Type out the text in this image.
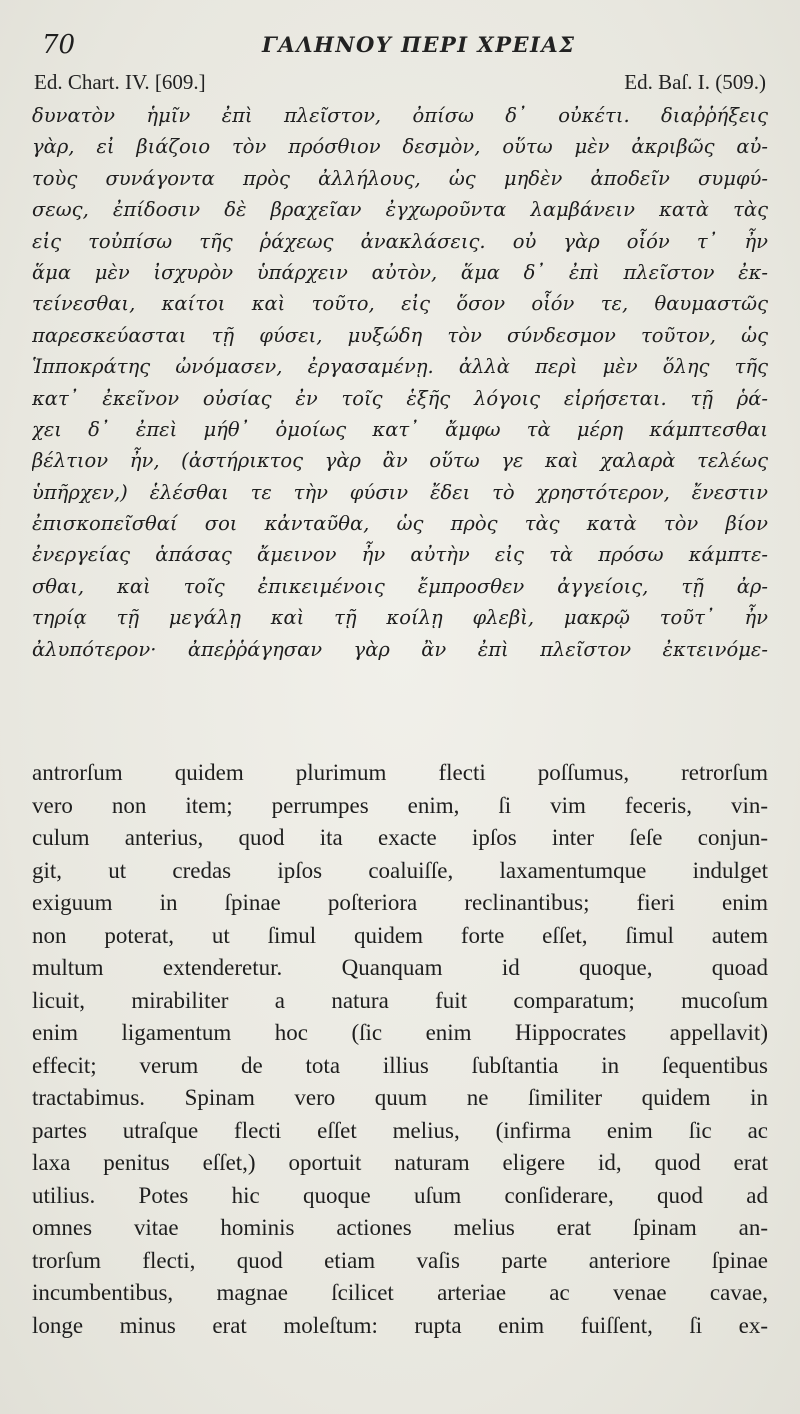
70	ΓΑΛΗΝΟΥ ΠΕΡΙ ΧΡΕΙΑΣ
Ed. Chart. IV. [609.]	Ed. Baſ. I. (509.)
δυνατὸν ἡμῖν ἐπὶ πλεῖστον, ὀπίσω δ᾽ οὐκέτι. διαῤῥήξεις
γὰρ, εἰ βιάζοιο τὸν πρόσθιον δεσμὸν, οὕτω μὲν ἀκριβῶς αὐ-
τοὺς συνάγοντα πρὸς ἀλλήλους, ὡς μηδὲν ἀποδεῖν συμφύ-
σεως, ἐπίδοσιν δὲ βραχεῖαν ἐγχωροῦντα λαμβάνειν κατὰ τὰς
εἰς τοὐπίσω τῆς ῥάχεως ἀνακλάσεις. οὐ γὰρ οἷόν τ᾽ ἦν
ἅμα μὲν ἰσχυρὸν ὑπάρχειν αὐτὸν, ἅμα δ᾽ ἐπὶ πλεῖστον ἐκ-
τείνεσθαι, καίτοι καὶ τοῦτο, εἰς ὅσον οἷόν τε, θαυμαστῶς
παρεσκεύασται τῇ φύσει, μυξώδη τὸν σύνδεσμον τοῦτον, ὡς
Ἱπποκράτης ὠνόμασεν, ἐργασαμένῃ. ἀλλὰ περὶ μὲν ὅλης τῆς
κατ᾽ ἐκεῖνον οὐσίας ἐν τοῖς ἑξῆς λόγοις εἰρήσεται. τῇ ῥά-
χει δ᾽ ἐπεὶ μήθ᾽ ὁμοίως κατ᾽ ἄμφω τὰ μέρη κάμπτεσθαι
βέλτιον ἦν, (ἀστήρικτος γὰρ ἂν οὕτω γε καὶ χαλαρὰ τελέως
ὑπῆρχεν,) ἑλέσθαι τε τὴν φύσιν ἔδει τὸ χρηστότερον, ἔνεστιν
ἐπισκοπεῖσθαί σοι κἀνταῦθα, ὡς πρὸς τὰς κατὰ τὸν βίον
ἐνεργείας ἁπάσας ἄμεινον ἦν αὐτὴν εἰς τὰ πρόσω κάμπτε-
σθαι, καὶ τοῖς ἐπικειμένοις ἔμπροσθεν ἀγγείοις, τῇ ἀρ-
τηρίᾳ τῇ μεγάλῃ καὶ τῇ κοίλῃ φλεβὶ, μακρῷ τοῦτ᾽ ἦν
ἀλυπότερον· ἀπεῤῥάγησαν γὰρ ἂν ἐπὶ πλεῖστον ἐκτεινόμε-
antrorſum quidem plurimum flecti poſſumus, retrorſum
vero non item; perrumpes enim, ſi vim feceris, vin-
culum anterius, quod ita exacte ipſos inter ſeſe conjun-
git, ut credas ipſos coaluiſſe, laxamentumque indulget
exiguum in ſpinae poſteriora reclinantibus; fieri enim
non poterat, ut ſimul quidem forte eſſet, ſimul autem
multum extenderetur. Quanquam id quoque, quoad
licuit, mirabiliter a natura fuit comparatum; mucoſum
enim ligamentum hoc (ſic enim Hippocrates appellavit)
effecit; verum de tota illius ſubſtantia in ſequentibus
tractabimus. Spinam vero quum ne ſimiliter quidem in
partes utraſque flecti eſſet melius, (infirma enim ſic ac
laxa penitus eſſet,) oportuit naturam eligere id, quod erat
utilius. Potes hic quoque uſum conſiderare, quod ad
omnes vitae hominis actiones melius erat ſpinam an-
trorſum flecti, quod etiam vaſis parte anteriore ſpinae
incumbentibus, magnae ſcilicet arteriae ac venae cavae,
longe minus erat moleſtum: rupta enim fuiſſent, ſi ex-
